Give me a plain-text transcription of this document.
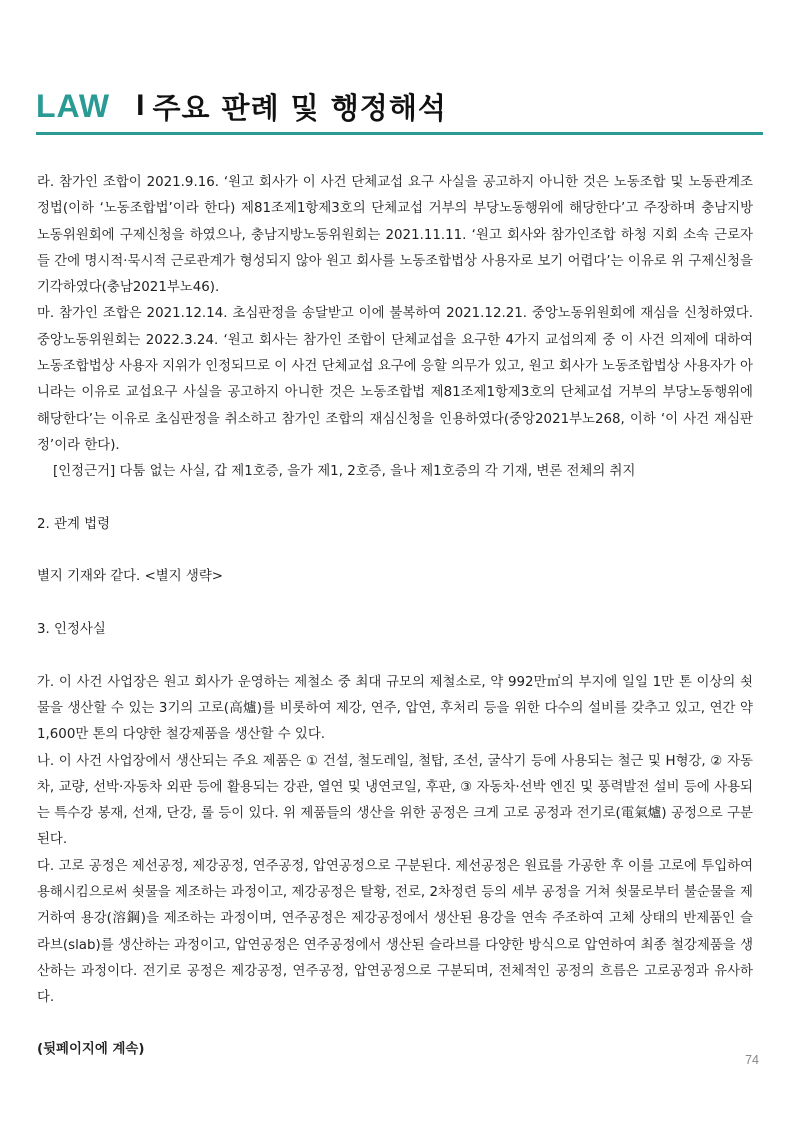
LAW I 주요 판례 및 행정해석

라. 참가인 조합이 2021.9.16. ‘원고 회사가 이 사건 단체교섭 요구 사실을 공고하지 아니한 것은 노동조합 및 노동관계조정법(이하 ‘노동조합법’이라 한다) 제81조제1항제3호의 단체교섭 거부의 부당노동행위에 해당한다’고 주장하며 충남지방노동위원회에 구제신청을 하였으나, 충남지방노동위원회는 2021.11.11. ‘원고 회사와 참가인조합 하청 지회 소속 근로자들 간에 명시적·묵시적 근로관계가 형성되지 않아 원고 회사를 노동조합법상 사용자로 보기 어렵다’는 이유로 위 구제신청을 기각하였다(충남2021부노46).

마. 참가인 조합은 2021.12.14. 초심판정을 송달받고 이에 불복하여 2021.12.21. 중앙노동위원회에 재심을 신청하였다. 중앙노동위원회는 2022.3.24. ‘원고 회사는 참가인 조합이 단체교섭을 요구한 4가지 교섭의제 중 이 사건 의제에 대하여 노동조합법상 사용자 지위가 인정되므로 이 사건 단체교섭 요구에 응할 의무가 있고, 원고 회사가 노동조합법상 사용자가 아니라는 이유로 교섭요구 사실을 공고하지 아니한 것은 노동조합법 제81조제1항제3호의 단체교섭 거부의 부당노동행위에 해당한다’는 이유로 초심판정을 취소하고 참가인 조합의 재심신청을 인용하였다(중앙2021부노268, 이하 ‘이 사건 재심판정’이라 한다).

[인정근거] 다툼 없는 사실, 갑 제1호증, 을가 제1, 2호증, 을나 제1호증의 각 기재, 변론 전체의 취지

2. 관계 법령

별지 기재와 같다. <별지 생략>

3. 인정사실

가. 이 사건 사업장은 원고 회사가 운영하는 제철소 중 최대 규모의 제철소로, 약 992만㎡의 부지에 일일 1만 톤 이상의 쇳물을 생산할 수 있는 3기의 고로(高爐)를 비롯하여 제강, 연주, 압연, 후처리 등을 위한 다수의 설비를 갖추고 있고, 연간 약 1,600만 톤의 다양한 철강제품을 생산할 수 있다.

나. 이 사건 사업장에서 생산되는 주요 제품은 ① 건설, 철도레일, 철탑, 조선, 굴삭기 등에 사용되는 철근 및 H형강, ② 자동차, 교량, 선박·자동차 외판 등에 활용되는 강관, 열연 및 냉연코일, 후판, ③ 자동차·선박 엔진 및 풍력발전 설비 등에 사용되는 특수강 봉재, 선재, 단강, 롤 등이 있다. 위 제품들의 생산을 위한 공정은 크게 고로 공정과 전기로(電氣爐) 공정으로 구분된다.

다. 고로 공정은 제선공정, 제강공정, 연주공정, 압연공정으로 구분된다. 제선공정은 원료를 가공한 후 이를 고로에 투입하여 용해시킴으로써 쇳물을 제조하는 과정이고, 제강공정은 탈황, 전로, 2차정련 등의 세부 공정을 거쳐 쇳물로부터 불순물을 제거하여 용강(溶鋼)을 제조하는 과정이며, 연주공정은 제강공정에서 생산된 용강을 연속 주조하여 고체 상태의 반제품인 슬라브(slab)를 생산하는 과정이고, 압연공정은 연주공정에서 생산된 슬라브를 다양한 방식으로 압연하여 최종 철강제품을 생산하는 과정이다. 전기로 공정은 제강공정, 연주공정, 압연공정으로 구분되며, 전체적인 공정의 흐름은 고로공정과 유사하다.

(뒷페이지에 계속)

74
